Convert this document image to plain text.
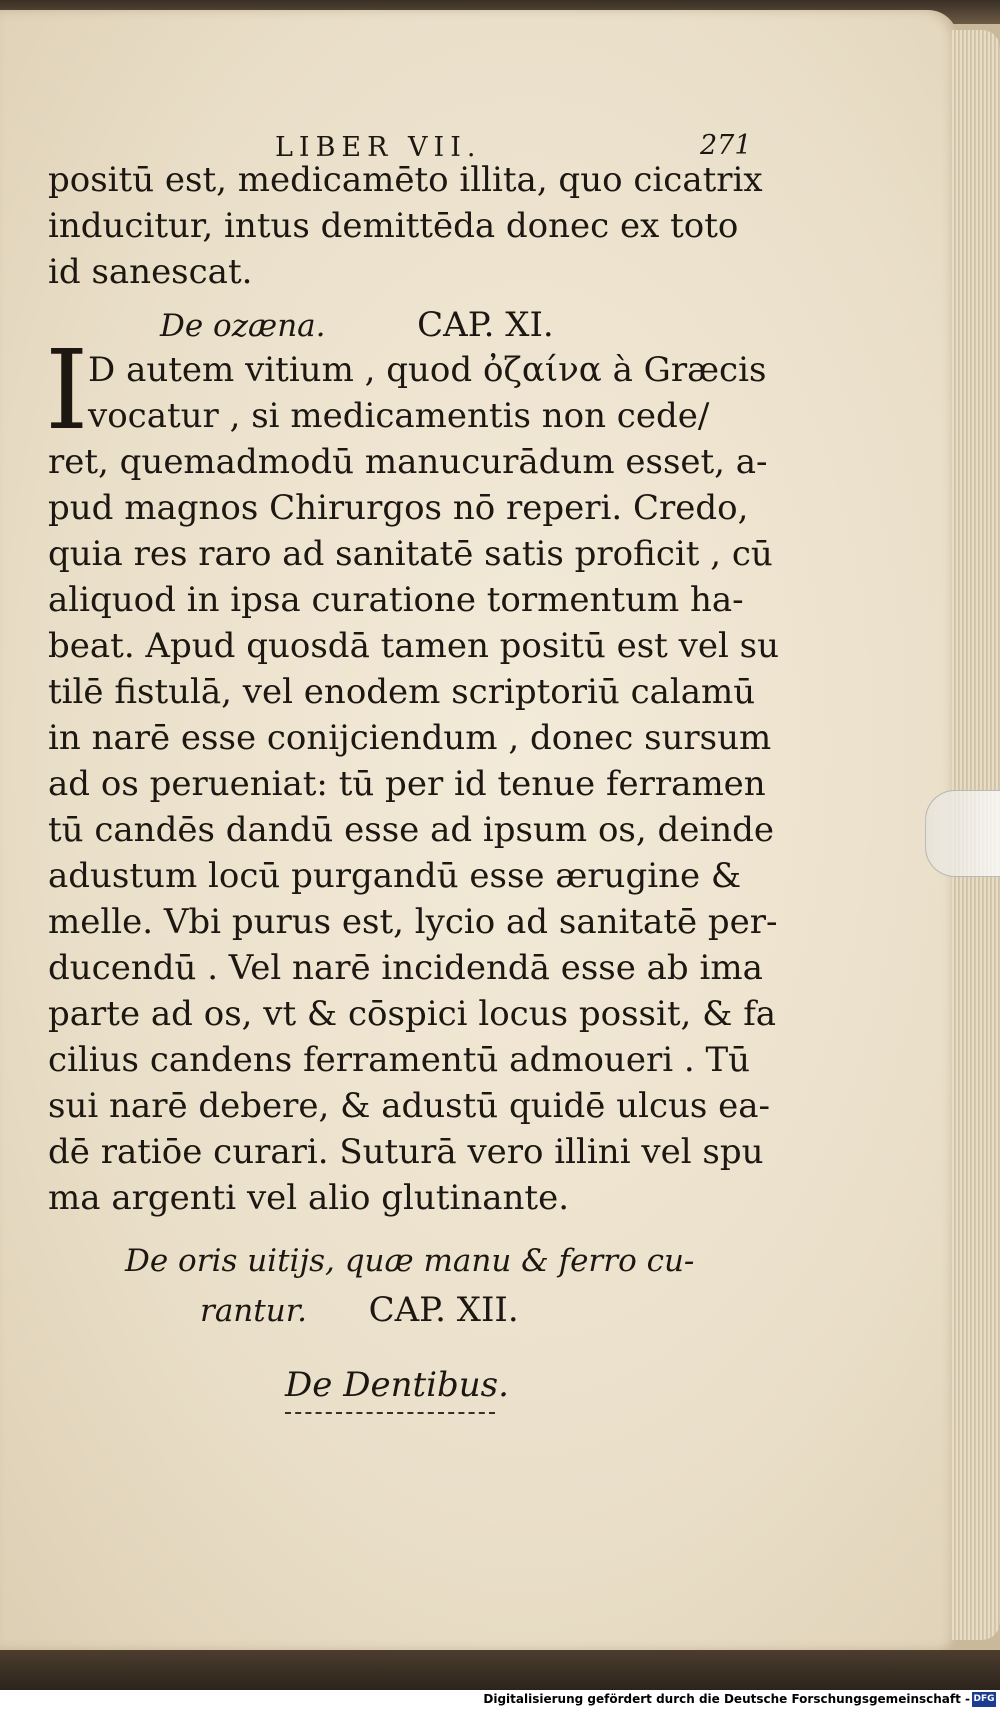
LIBER VII.	271

positū est, medicamēto illita, quo cicatrix

inducitur, intus demittēda donec ex toto

id sanescat.

De ozæna.	CAP. XI.

I D autem vitium , quod ὀζαίνα à Græcis

vocatur , si medicamentis non cede/

ret, quemadmodū manucurādum esset, a-

pud magnos Chirurgos nō reperi. Credo,

quia res raro ad sanitatē satis proficit , cū

aliquod in ipsa curatione tormentum ha-

beat. Apud quosdā tamen positū est vel su

tilē fistulā, vel enodem scriptoriū calamū

in narē esse conijciendum , donec sursum

ad os perueniat: tū per id tenue ferramen

tū candēs dandū esse ad ipsum os, deinde

adustum locū purgandū esse ærugine &

melle. Vbi purus est, lycio ad sanitatē per-

ducendū . Vel narē incidendā esse ab ima

parte ad os, vt & cōspici locus possit, & fa

cilius candens ferramentū admoueri . Tū

sui narē debere, & adustū quidē ulcus ea-

dē ratiōe curari. Suturā vero illini vel spu

ma argenti vel alio glutinante.

De oris uitijs, quæ manu & ferro cu-

rantur. CAP. XII.

De Dentibus.

Digitalisierung gefördert durch die Deutsche Forschungsgemeinschaft - DFG
